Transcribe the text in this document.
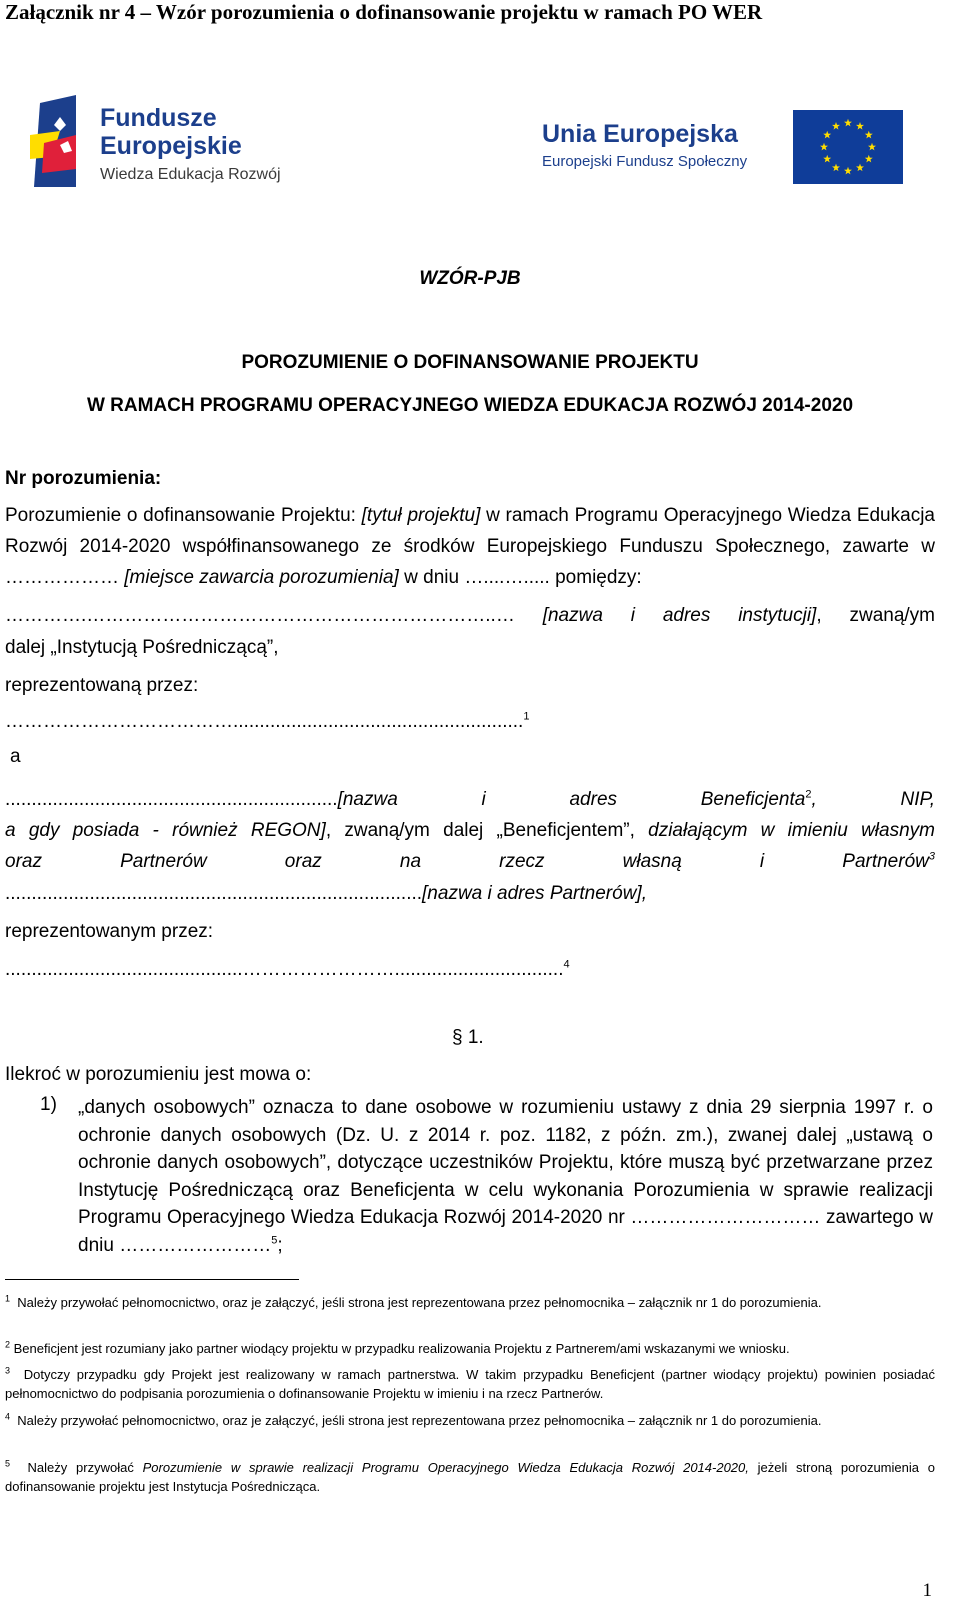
Załącznik nr 4 – Wzór porozumienia o dofinansowanie projektu w ramach PO WER
Fundusze
Europejskie
Wiedza Edukacja Rozwój
Unia Europejska
Europejski Fundusz Społeczny
WZÓR-PJB
POROZUMIENIE O DOFINANSOWANIE PROJEKTU
W RAMACH PROGRAMU OPERACYJNEGO WIEDZA EDUKACJA ROZWÓJ 2014-2020
Nr porozumienia:
Porozumienie o dofinansowanie Projektu: [tytuł projektu] w ramach Programu Operacyjnego Wiedza Edukacja Rozwój 2014-2020 współfinansowanego ze środków Europejskiego Funduszu Społecznego, zawarte w ……………… [miejsce zawarcia porozumienia] w dniu …....…..... pomiędzy:
………….………………………………………………………..… [nazwa i adres instytucji], zwaną/ym
dalej „Instytucją Pośredniczącą”,
reprezentowaną przez:
……………………………….......................................................$^1$
a
...............................................................[nazwa i adres Beneficjenta$^2$, NIP,
a gdy posiada - również REGON], zwaną/ym dalej „Beneficjentem”, działającym w imieniu własnym
oraz Partnerów oraz na rzecz własną i Partnerów$^3$
...............................................................................[nazwa i adres Partnerów],
reprezentowanym przez:
.............................................……………………................................$^4$
§ 1.
Ilekroć w porozumieniu jest mowa o:
1) „danych osobowych” oznacza to dane osobowe w rozumieniu ustawy z dnia 29 sierpnia 1997 r. o ochronie danych osobowych (Dz. U. z 2014 r. poz. 1182, z późn. zm.), zwanej dalej „ustawą o ochronie danych osobowych”, dotyczące uczestników Projektu, które muszą być przetwarzane przez Instytucję Pośredniczącą oraz Beneficjenta w celu wykonania Porozumienia w sprawie realizacji Programu Operacyjnego Wiedza Edukacja Rozwój 2014-2020 nr ………………………… zawartego w dniu ……………………$^5$;
$^1$ Należy przywołać pełnomocnictwo, oraz je załączyć, jeśli strona jest reprezentowana przez pełnomocnika – załącznik nr 1 do porozumienia.
$^2$ Beneficjent jest rozumiany jako partner wiodący projektu w przypadku realizowania Projektu z Partnerem/ami wskazanymi we wniosku.
$^3$ Dotyczy przypadku gdy Projekt jest realizowany w ramach partnerstwa. W takim przypadku Beneficjent (partner wiodący projektu) powinien posiadać pełnomocnictwo do podpisania porozumienia o dofinansowanie Projektu w imieniu i na rzecz Partnerów.
$^4$ Należy przywołać pełnomocnictwo, oraz je załączyć, jeśli strona jest reprezentowana przez pełnomocnika – załącznik nr 1 do porozumienia.
$^5$ Należy przywołać Porozumienie w sprawie realizacji Programu Operacyjnego Wiedza Edukacja Rozwój 2014-2020, jeżeli stroną porozumienia o dofinansowanie projektu jest Instytucja Pośrednicząca.
1
